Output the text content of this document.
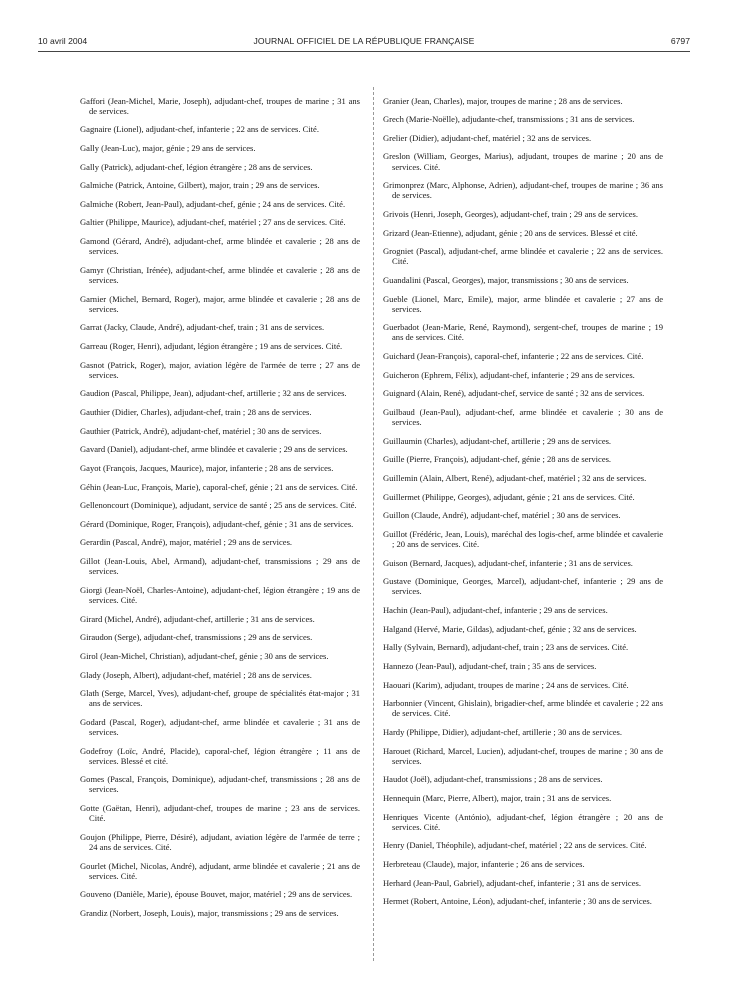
10 avril 2004	JOURNAL OFFICIEL DE LA RÉPUBLIQUE FRANÇAISE	6797

Gaffori (Jean-Michel, Marie, Joseph), adjudant-chef, troupes de marine ; 31 ans de services.

Gagnaire (Lionel), adjudant-chef, infanterie ; 22 ans de services. Cité.

Gally (Jean-Luc), major, génie ; 29 ans de services.

Gally (Patrick), adjudant-chef, légion étrangère ; 28 ans de services.

Galmiche (Patrick, Antoine, Gilbert), major, train ; 29 ans de services.

Galmiche (Robert, Jean-Paul), adjudant-chef, génie ; 24 ans de services. Cité.

Galtier (Philippe, Maurice), adjudant-chef, matériel ; 27 ans de services. Cité.

Gamond (Gérard, André), adjudant-chef, arme blindée et cavalerie ; 28 ans de services.

Gamyr (Christian, Irénée), adjudant-chef, arme blindée et cavalerie ; 28 ans de services.

Garnier (Michel, Bernard, Roger), major, arme blindée et cavalerie ; 28 ans de services.

Garrat (Jacky, Claude, André), adjudant-chef, train ; 31 ans de services.

Garreau (Roger, Henri), adjudant, légion étrangère ; 19 ans de services. Cité.

Gasnot (Patrick, Roger), major, aviation légère de l'armée de terre ; 27 ans de services.

Gaudion (Pascal, Philippe, Jean), adjudant-chef, artillerie ; 32 ans de services.

Gauthier (Didier, Charles), adjudant-chef, train ; 28 ans de services.

Gauthier (Patrick, André), adjudant-chef, matériel ; 30 ans de services.

Gavard (Daniel), adjudant-chef, arme blindée et cavalerie ; 29 ans de services.

Gayot (François, Jacques, Maurice), major, infanterie ; 28 ans de services.

Géhin (Jean-Luc, François, Marie), caporal-chef, génie ; 21 ans de services. Cité.

Gellenoncourt (Dominique), adjudant, service de santé ; 25 ans de services. Cité.

Gérard (Dominique, Roger, François), adjudant-chef, génie ; 31 ans de services.

Gerardin (Pascal, André), major, matériel ; 29 ans de services.

Gillot (Jean-Louis, Abel, Armand), adjudant-chef, transmissions ; 29 ans de services.

Giorgi (Jean-Noël, Charles-Antoine), adjudant-chef, légion étrangère ; 19 ans de services. Cité.

Girard (Michel, André), adjudant-chef, artillerie ; 31 ans de services.

Giraudon (Serge), adjudant-chef, transmissions ; 29 ans de services.

Girol (Jean-Michel, Christian), adjudant-chef, génie ; 30 ans de services.

Glady (Joseph, Albert), adjudant-chef, matériel ; 28 ans de services.

Glath (Serge, Marcel, Yves), adjudant-chef, groupe de spécialités état-major ; 31 ans de services.

Godard (Pascal, Roger), adjudant-chef, arme blindée et cavalerie ; 31 ans de services.

Godefroy (Loïc, André, Placide), caporal-chef, légion étrangère ; 11 ans de services. Blessé et cité.

Gomes (Pascal, François, Dominique), adjudant-chef, transmissions ; 28 ans de services.

Gotte (Gaëtan, Henri), adjudant-chef, troupes de marine ; 23 ans de services. Cité.

Goujon (Philippe, Pierre, Désiré), adjudant, aviation légère de l'armée de terre ; 24 ans de services. Cité.

Gourlet (Michel, Nicolas, André), adjudant, arme blindée et cavalerie ; 21 ans de services. Cité.

Gouveno (Danièle, Marie), épouse Bouvet, major, matériel ; 29 ans de services.

Grandiz (Norbert, Joseph, Louis), major, transmissions ; 29 ans de services.

Granier (Jean, Charles), major, troupes de marine ; 28 ans de services.

Grech (Marie-Noëlle), adjudante-chef, transmissions ; 31 ans de services.

Grelier (Didier), adjudant-chef, matériel ; 32 ans de services.

Greslon (William, Georges, Marius), adjudant, troupes de marine ; 20 ans de services. Cité.

Grimonprez (Marc, Alphonse, Adrien), adjudant-chef, troupes de marine ; 36 ans de services.

Grivois (Henri, Joseph, Georges), adjudant-chef, train ; 29 ans de services.

Grizard (Jean-Etienne), adjudant, génie ; 20 ans de services. Blessé et cité.

Grogniet (Pascal), adjudant-chef, arme blindée et cavalerie ; 22 ans de services. Cité.

Guandalini (Pascal, Georges), major, transmissions ; 30 ans de services.

Gueble (Lionel, Marc, Emile), major, arme blindée et cavalerie ; 27 ans de services.

Guerbadot (Jean-Marie, René, Raymond), sergent-chef, troupes de marine ; 19 ans de services. Cité.

Guichard (Jean-François), caporal-chef, infanterie ; 22 ans de services. Cité.

Guicheron (Ephrem, Félix), adjudant-chef, infanterie ; 29 ans de services.

Guignard (Alain, René), adjudant-chef, service de santé ; 32 ans de services.

Guilbaud (Jean-Paul), adjudant-chef, arme blindée et cavalerie ; 30 ans de services.

Guillaumin (Charles), adjudant-chef, artillerie ; 29 ans de services.

Guille (Pierre, François), adjudant-chef, génie ; 28 ans de services.

Guillemin (Alain, Albert, René), adjudant-chef, matériel ; 32 ans de services.

Guillermet (Philippe, Georges), adjudant, génie ; 21 ans de services. Cité.

Guillon (Claude, André), adjudant-chef, matériel ; 30 ans de services.

Guillot (Frédéric, Jean, Louis), maréchal des logis-chef, arme blindée et cavalerie ; 20 ans de services. Cité.

Guison (Bernard, Jacques), adjudant-chef, infanterie ; 31 ans de services.

Gustave (Dominique, Georges, Marcel), adjudant-chef, infanterie ; 29 ans de services.

Hachin (Jean-Paul), adjudant-chef, infanterie ; 29 ans de services.

Halgand (Hervé, Marie, Gildas), adjudant-chef, génie ; 32 ans de services.

Hally (Sylvain, Bernard), adjudant-chef, train ; 23 ans de services. Cité.

Hannezo (Jean-Paul), adjudant-chef, train ; 35 ans de services.

Haouari (Karim), adjudant, troupes de marine ; 24 ans de services. Cité.

Harbonnier (Vincent, Ghislain), brigadier-chef, arme blindée et cavalerie ; 22 ans de services. Cité.

Hardy (Philippe, Didier), adjudant-chef, artillerie ; 30 ans de services.

Harouet (Richard, Marcel, Lucien), adjudant-chef, troupes de marine ; 30 ans de services.

Haudot (Joël), adjudant-chef, transmissions ; 28 ans de services.

Hennequin (Marc, Pierre, Albert), major, train ; 31 ans de services.

Henriques Vicente (António), adjudant-chef, légion étrangère ; 20 ans de services. Cité.

Henry (Daniel, Théophile), adjudant-chef, matériel ; 22 ans de services. Cité.

Herbreteau (Claude), major, infanterie ; 26 ans de services.

Herhard (Jean-Paul, Gabriel), adjudant-chef, infanterie ; 31 ans de services.

Hermet (Robert, Antoine, Léon), adjudant-chef, infanterie ; 30 ans de services.
